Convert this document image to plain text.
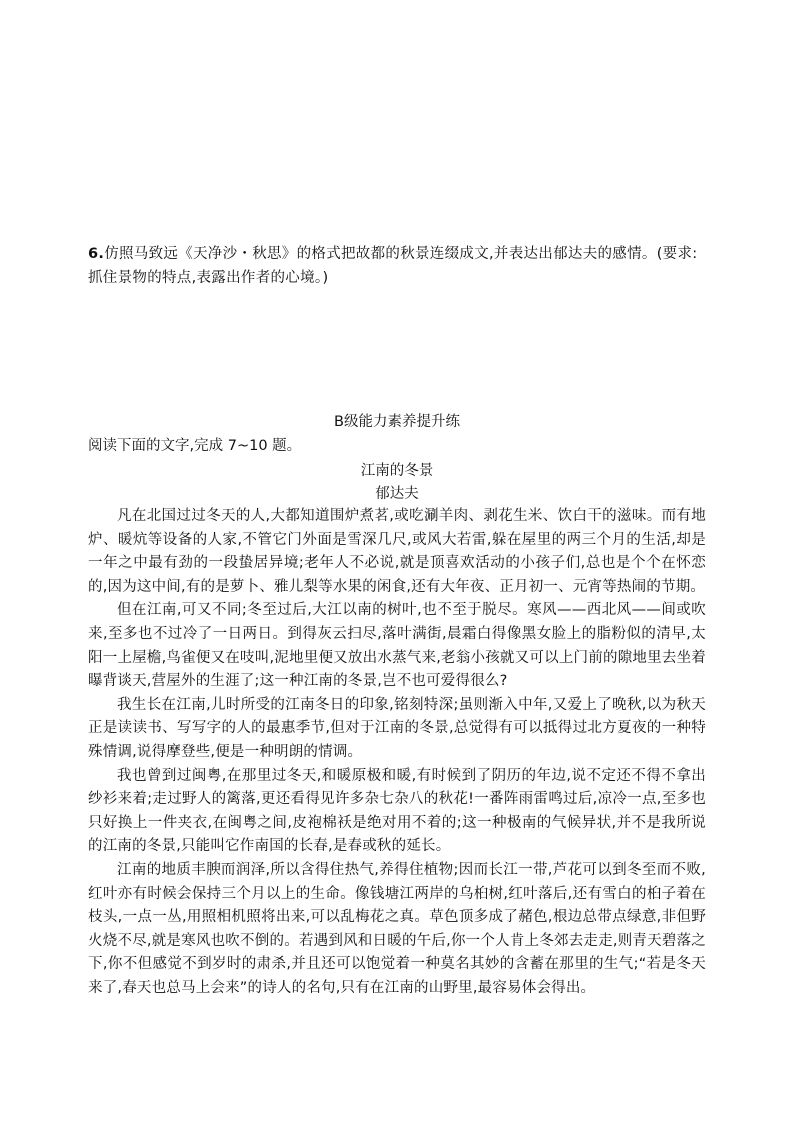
6.仿照马致远《天净沙・秋思》的格式把故都的秋景连缀成文,并表达出郁达夫的感情。(要求:抓住景物的特点,表露出作者的心境。)
B级能力素养提升练
阅读下面的文字,完成 7~10 题。
江南的冬景
郁达夫

凡在北国过过冬天的人,大都知道围炉煮茗,或吃涮羊肉、剥花生米、饮白干的滋味。而有地炉、暖炕等设备的人家,不管它门外面是雪深几尺,或风大若雷,躲在屋里的两三个月的生活,却是一年之中最有劲的一段蛰居异境;老年人不必说,就是顶喜欢活动的小孩子们,总也是个个在怀恋的,因为这中间,有的是萝卜、雅儿梨等水果的闲食,还有大年夜、正月初一、元宵等热闹的节期。

但在江南,可又不同;冬至过后,大江以南的树叶,也不至于脱尽。寒风——西北风——间或吹来,至多也不过冷了一日两日。到得灰云扫尽,落叶满街,晨霜白得像黑女脸上的脂粉似的清早,太阳一上屋檐,鸟雀便又在吱叫,泥地里便又放出水蒸气来,老翁小孩就又可以上门前的隙地里去坐着曝背谈天,营屋外的生涯了;这一种江南的冬景,岂不也可爱得很么?

我生长在江南,儿时所受的江南冬日的印象,铭刻特深;虽则渐入中年,又爱上了晚秋,以为秋天正是读读书、写写字的人的最惠季节,但对于江南的冬景,总觉得有可以抵得过北方夏夜的一种特殊情调,说得摩登些,便是一种明朗的情调。

我也曾到过闽粤,在那里过冬天,和暖原极和暖,有时候到了阴历的年边,说不定还不得不拿出纱衫来着;走过野人的篱落,更还看得见许多杂七杂八的秋花!一番阵雨雷鸣过后,凉冷一点,至多也只好换上一件夹衣,在闽粤之间,皮袍棉袄是绝对用不着的;这一种极南的气候异状,并不是我所说的江南的冬景,只能叫它作南国的长春,是春或秋的延长。

江南的地质丰腴而润泽,所以含得住热气,养得住植物;因而长江一带,芦花可以到冬至而不败,红叶亦有时候会保持三个月以上的生命。像钱塘江两岸的乌桕树,红叶落后,还有雪白的桕子着在枝头,一点一丛,用照相机照将出来,可以乱梅花之真。草色顶多成了赭色,根边总带点绿意,非但野火烧不尽,就是寒风也吹不倒的。若遇到风和日暖的午后,你一个人肯上冬郊去走走,则青天碧落之下,你不但感觉不到岁时的肃杀,并且还可以饱觉着一种莫名其妙的含蓄在那里的生气;“若是冬天来了,春天也总马上会来”的诗人的名句,只有在江南的山野里,最容易体会得出。
